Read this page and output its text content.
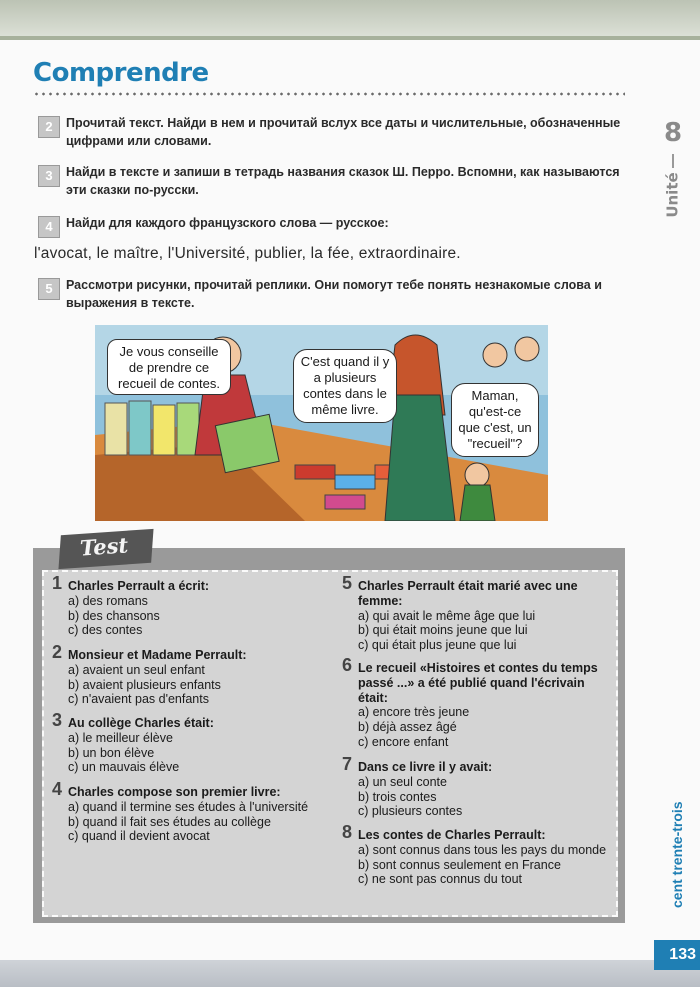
Comprendre
2	Прочитай текст. Найди в нем и прочитай вслух все даты и числительные, обозначенные цифрами или словами.
3	Найди в тексте и запиши в тетрадь названия сказок Ш. Перро. Вспомни, как называются эти сказки по-русски.
4	Найди для каждого французского слова — русское:
l'avocat, le maître, l'Université, publier, la fée, extraordinaire.
5	Рассмотри рисунки, прочитай реплики. Они помогут тебе понять незнакомые слова и выражения в тексте.
8
Unité
Je vous conseille de prendre ce recueil de contes.
C'est quand il y a plusieurs contes dans le même livre.
Maman, qu'est-ce que c'est, un "recueil"?
Test
1 Charles Perrault a écrit:
a) des romans
b) des chansons
c) des contes
2 Monsieur et Madame Perrault:
a) avaient un seul enfant
b) avaient plusieurs enfants
c) n'avaient pas d'enfants
3 Au collège Charles était:
a) le meilleur élève
b) un bon élève
c) un mauvais élève
4 Charles compose son premier livre:
a) quand il termine ses études à l'université
b) quand il fait ses études au collège
c) quand il devient avocat
5 Charles Perrault était marié avec une femme:
a) qui avait le même âge que lui
b) qui était moins jeune que lui
c) qui était plus jeune que lui
6 Le recueil «Histoires et contes du temps passé ...» a été publié quand l'écrivain était:
a) encore très jeune
b) déjà assez âgé
c) encore enfant
7 Dans ce livre il y avait:
a) un seul conte
b) trois contes
c) plusieurs contes
8 Les contes de Charles Perrault:
a) sont connus dans tous les pays du monde
b) sont connus seulement en France
c) ne sont pas connus du tout	cent trente-trois
133
